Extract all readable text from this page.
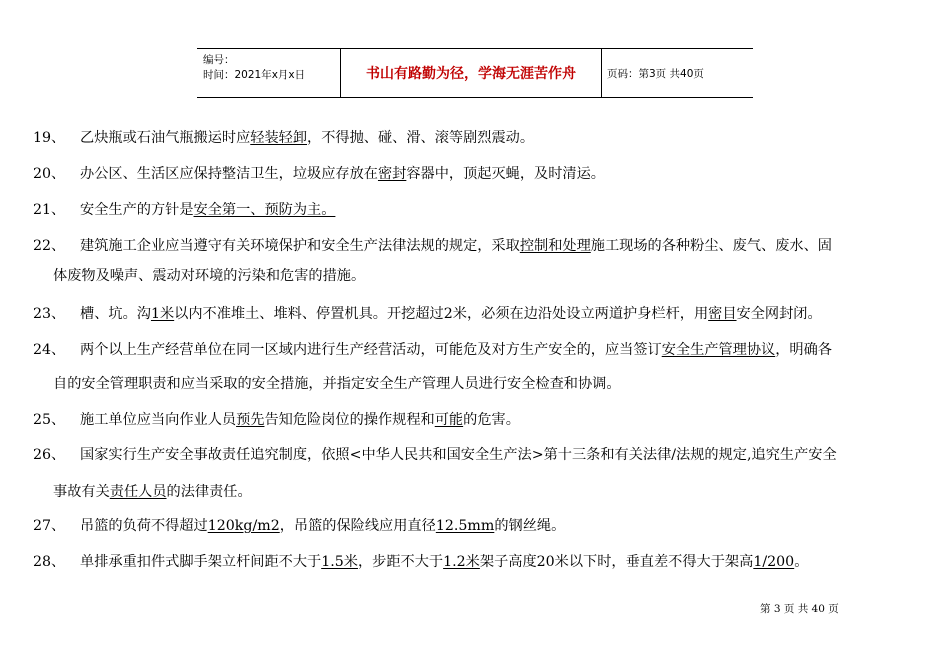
编号：
时间：2021年x月x日	书山有路勤为径，学海无涯苦作舟	页码：第3页 共40页
19、 乙炔瓶或石油气瓶搬运时应轻装轻卸，不得抛、碰、滑、滚等剧烈震动。
20、 办公区、生活区应保持整洁卫生，垃圾应存放在密封容器中，顶起灭蝇，及时清运。
21、 安全生产的方针是安全第一、预防为主。
22、 建筑施工企业应当遵守有关环境保护和安全生产法律法规的规定，采取控制和处理施工现场的各种粉尘、废气、废水、固
体废物及噪声、震动对环境的污染和危害的措施。
23、 槽、坑。沟1米以内不准堆土、堆料、停置机具。开挖超过2米，必须在边沿处设立两道护身栏杆，用密目安全网封闭。
24、 两个以上生产经营单位在同一区域内进行生产经营活动，可能危及对方生产安全的，应当签订安全生产管理协议，明确各
自的安全管理职责和应当采取的安全措施，并指定安全生产管理人员进行安全检查和协调。
25、 施工单位应当向作业人员预先告知危险岗位的操作规程和可能的危害。
26、 国家实行生产安全事故责任追究制度，依照<中华人民共和国安全生产法>第十三条和有关法律/法规的规定,追究生产安全
事故有关责任人员的法律责任。
27、 吊篮的负荷不得超过120kg/m2，吊篮的保险线应用直径12.5mm的钢丝绳。
28、 单排承重扣件式脚手架立杆间距不大于1.5米，步距不大于1.2米架子高度20米以下时，垂直差不得大于架高1/200。
第 3 页 共 40 页
